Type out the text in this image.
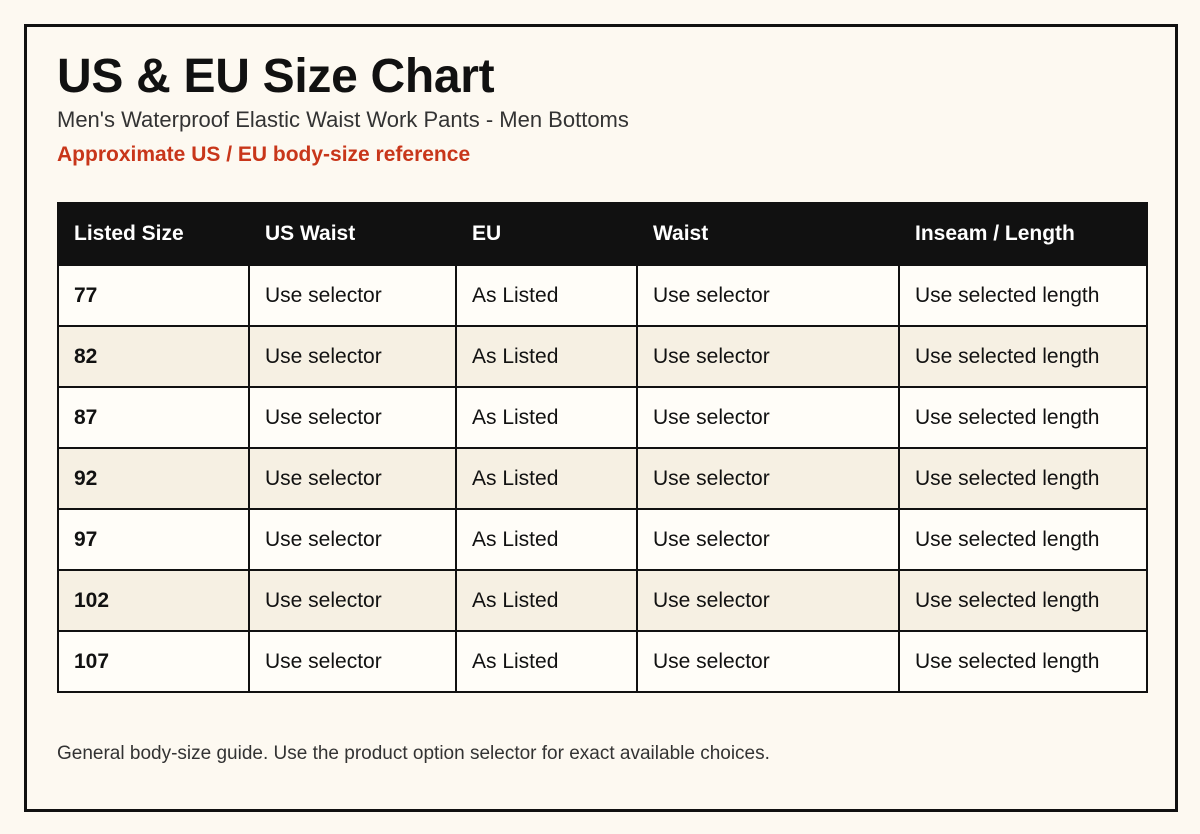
US & EU Size Chart

Men's Waterproof Elastic Waist Work Pants - Men Bottoms

Approximate US / EU body-size reference

Listed Size	US Waist	EU	Waist	Inseam / Length
77	Use selector	As Listed	Use selector	Use selected length
82	Use selector	As Listed	Use selector	Use selected length
87	Use selector	As Listed	Use selector	Use selected length
92	Use selector	As Listed	Use selector	Use selected length
97	Use selector	As Listed	Use selector	Use selected length
102	Use selector	As Listed	Use selector	Use selected length
107	Use selector	As Listed	Use selector	Use selected length

General body-size guide. Use the product option selector for exact available choices.
